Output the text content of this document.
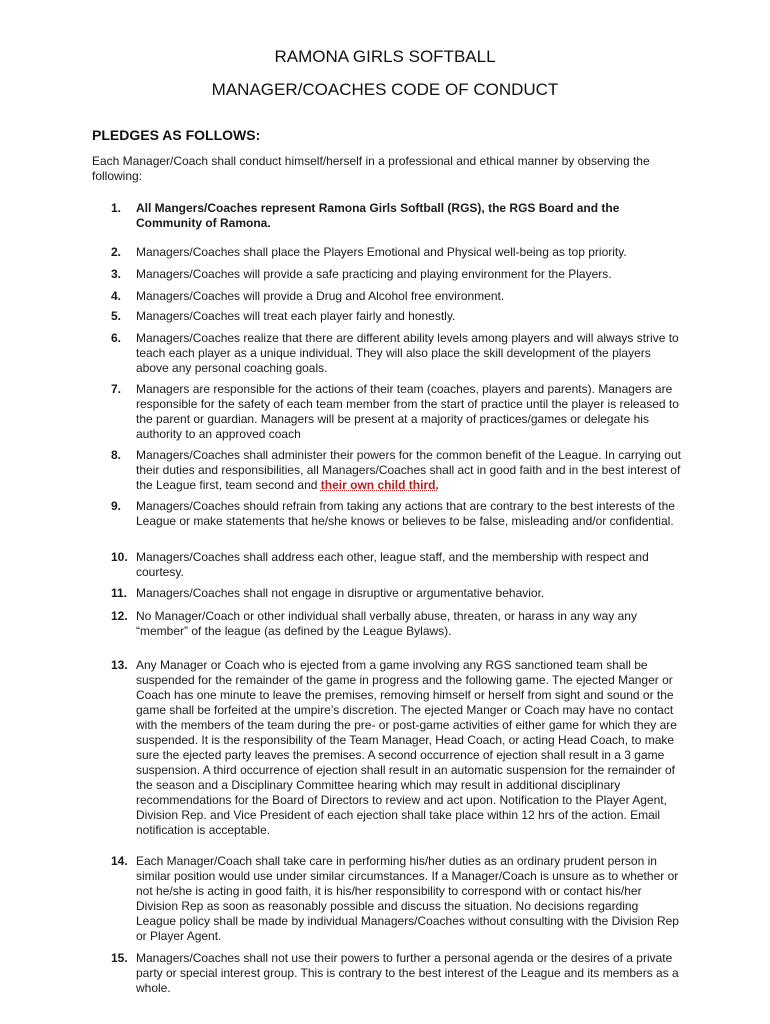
RAMONA GIRLS SOFTBALL
MANAGER/COACHES CODE OF CONDUCT
PLEDGES AS FOLLOWS:
Each Manager/Coach shall conduct himself/herself in a professional and ethical manner by observing the following:
1. All Mangers/Coaches represent Ramona Girls Softball (RGS), the RGS Board and the Community of Ramona.
2. Managers/Coaches shall place the Players Emotional and Physical well-being as top priority.
3. Managers/Coaches will provide a safe practicing and playing environment for the Players.
4. Managers/Coaches will provide a Drug and Alcohol free environment.
5. Managers/Coaches will treat each player fairly and honestly.
6. Managers/Coaches realize that there are different ability levels among players and will always strive to teach each player as a unique individual. They will also place the skill development of the players above any personal coaching goals.
7. Managers are responsible for the actions of their team (coaches, players and parents). Managers are responsible for the safety of each team member from the start of practice until the player is released to the parent or guardian. Managers will be present at a majority of practices/games or delegate his authority to an approved coach
8. Managers/Coaches shall administer their powers for the common benefit of the League. In carrying out their duties and responsibilities, all Managers/Coaches shall act in good faith and in the best interest of the League first, team second and their own child third.
9. Managers/Coaches should refrain from taking any actions that are contrary to the best interests of the League or make statements that he/she knows or believes to be false, misleading and/or confidential.
10. Managers/Coaches shall address each other, league staff, and the membership with respect and courtesy.
11. Managers/Coaches shall not engage in disruptive or argumentative behavior.
12. No Manager/Coach or other individual shall verbally abuse, threaten, or harass in any way any “member” of the league (as defined by the League Bylaws).
13. Any Manager or Coach who is ejected from a game involving any RGS sanctioned team shall be suspended for the remainder of the game in progress and the following game. The ejected Manger or Coach has one minute to leave the premises, removing himself or herself from sight and sound or the game shall be forfeited at the umpire’s discretion. The ejected Manger or Coach may have no contact with the members of the team during the pre- or post-game activities of either game for which they are suspended. It is the responsibility of the Team Manager, Head Coach, or acting Head Coach, to make sure the ejected party leaves the premises. A second occurrence of ejection shall result in a 3 game suspension. A third occurrence of ejection shall result in an automatic suspension for the remainder of the season and a Disciplinary Committee hearing which may result in additional disciplinary recommendations for the Board of Directors to review and act upon. Notification to the Player Agent, Division Rep. and Vice President of each ejection shall take place within 12 hrs of the action. Email notification is acceptable.
14. Each Manager/Coach shall take care in performing his/her duties as an ordinary prudent person in similar position would use under similar circumstances. If a Manager/Coach is unsure as to whether or not he/she is acting in good faith, it is his/her responsibility to correspond with or contact his/her Division Rep as soon as reasonably possible and discuss the situation. No decisions regarding League policy shall be made by individual Managers/Coaches without consulting with the Division Rep or Player Agent.
15. Managers/Coaches shall not use their powers to further a personal agenda or the desires of a private party or special interest group. This is contrary to the best interest of the League and its members as a whole.
